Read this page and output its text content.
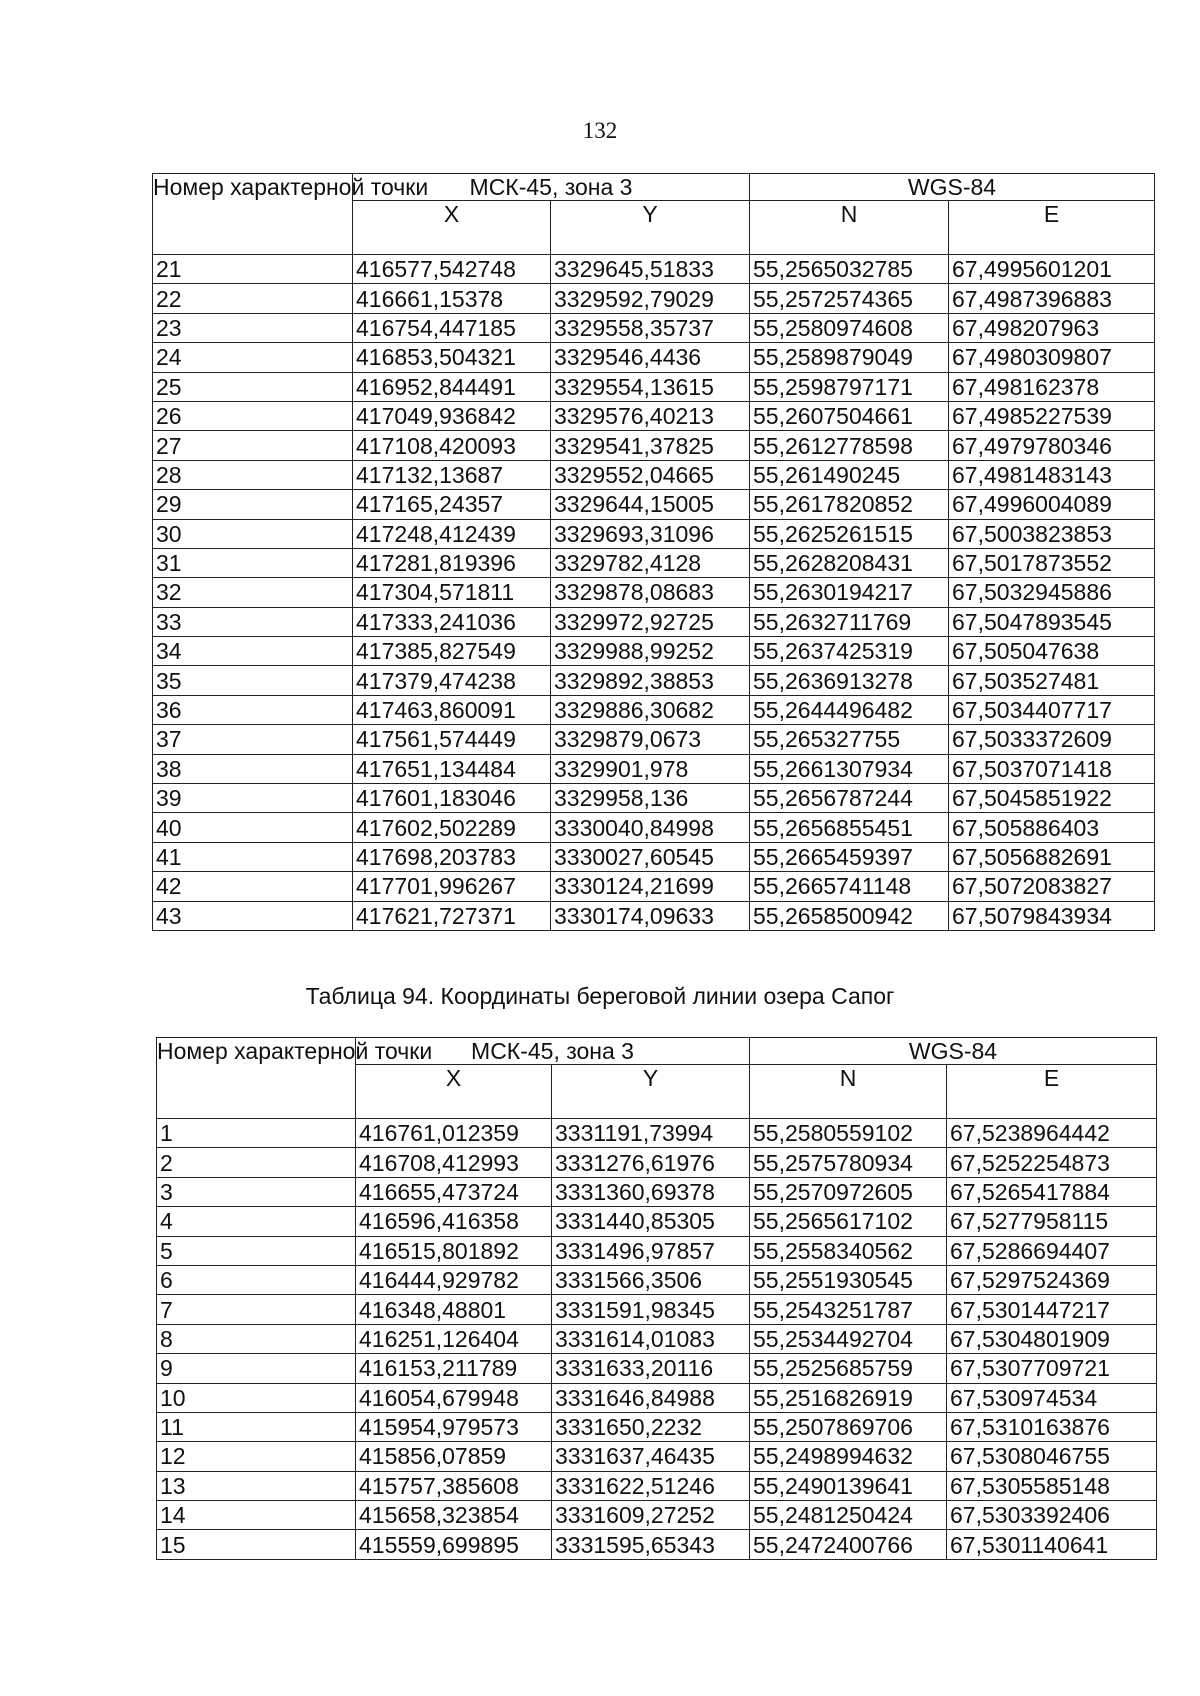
132
Номер характерной точки	МСК-45, зона 3		WGS-84	
	X	Y	N	E
21	416577,542748	3329645,51833	55,2565032785	67,4995601201
22	416661,15378	3329592,79029	55,2572574365	67,4987396883
23	416754,447185	3329558,35737	55,2580974608	67,498207963
24	416853,504321	3329546,4436	55,2589879049	67,4980309807
25	416952,844491	3329554,13615	55,2598797171	67,498162378
26	417049,936842	3329576,40213	55,2607504661	67,4985227539
27	417108,420093	3329541,37825	55,2612778598	67,4979780346
28	417132,13687	3329552,04665	55,261490245	67,4981483143
29	417165,24357	3329644,15005	55,2617820852	67,4996004089
30	417248,412439	3329693,31096	55,2625261515	67,5003823853
31	417281,819396	3329782,4128	55,2628208431	67,5017873552
32	417304,571811	3329878,08683	55,2630194217	67,5032945886
33	417333,241036	3329972,92725	55,2632711769	67,5047893545
34	417385,827549	3329988,99252	55,2637425319	67,505047638
35	417379,474238	3329892,38853	55,2636913278	67,503527481
36	417463,860091	3329886,30682	55,2644496482	67,5034407717
37	417561,574449	3329879,0673	55,265327755	67,5033372609
38	417651,134484	3329901,978	55,2661307934	67,5037071418
39	417601,183046	3329958,136	55,2656787244	67,5045851922
40	417602,502289	3330040,84998	55,2656855451	67,505886403
41	417698,203783	3330027,60545	55,2665459397	67,5056882691
42	417701,996267	3330124,21699	55,2665741148	67,5072083827
43	417621,727371	3330174,09633	55,2658500942	67,5079843934
Таблица 94. Координаты береговой линии озера Сапог
Номер характерной точки	МСК-45, зона 3		WGS-84	
	X	Y	N	E
1	416761,012359	3331191,73994	55,2580559102	67,5238964442
2	416708,412993	3331276,61976	55,2575780934	67,5252254873
3	416655,473724	3331360,69378	55,2570972605	67,5265417884
4	416596,416358	3331440,85305	55,2565617102	67,5277958115
5	416515,801892	3331496,97857	55,2558340562	67,5286694407
6	416444,929782	3331566,3506	55,2551930545	67,5297524369
7	416348,48801	3331591,98345	55,2543251787	67,5301447217
8	416251,126404	3331614,01083	55,2534492704	67,5304801909
9	416153,211789	3331633,20116	55,2525685759	67,5307709721
10	416054,679948	3331646,84988	55,2516826919	67,530974534
11	415954,979573	3331650,2232	55,2507869706	67,5310163876
12	415856,07859	3331637,46435	55,2498994632	67,5308046755
13	415757,385608	3331622,51246	55,2490139641	67,5305585148
14	415658,323854	3331609,27252	55,2481250424	67,5303392406
15	415559,699895	3331595,65343	55,2472400766	67,5301140641
